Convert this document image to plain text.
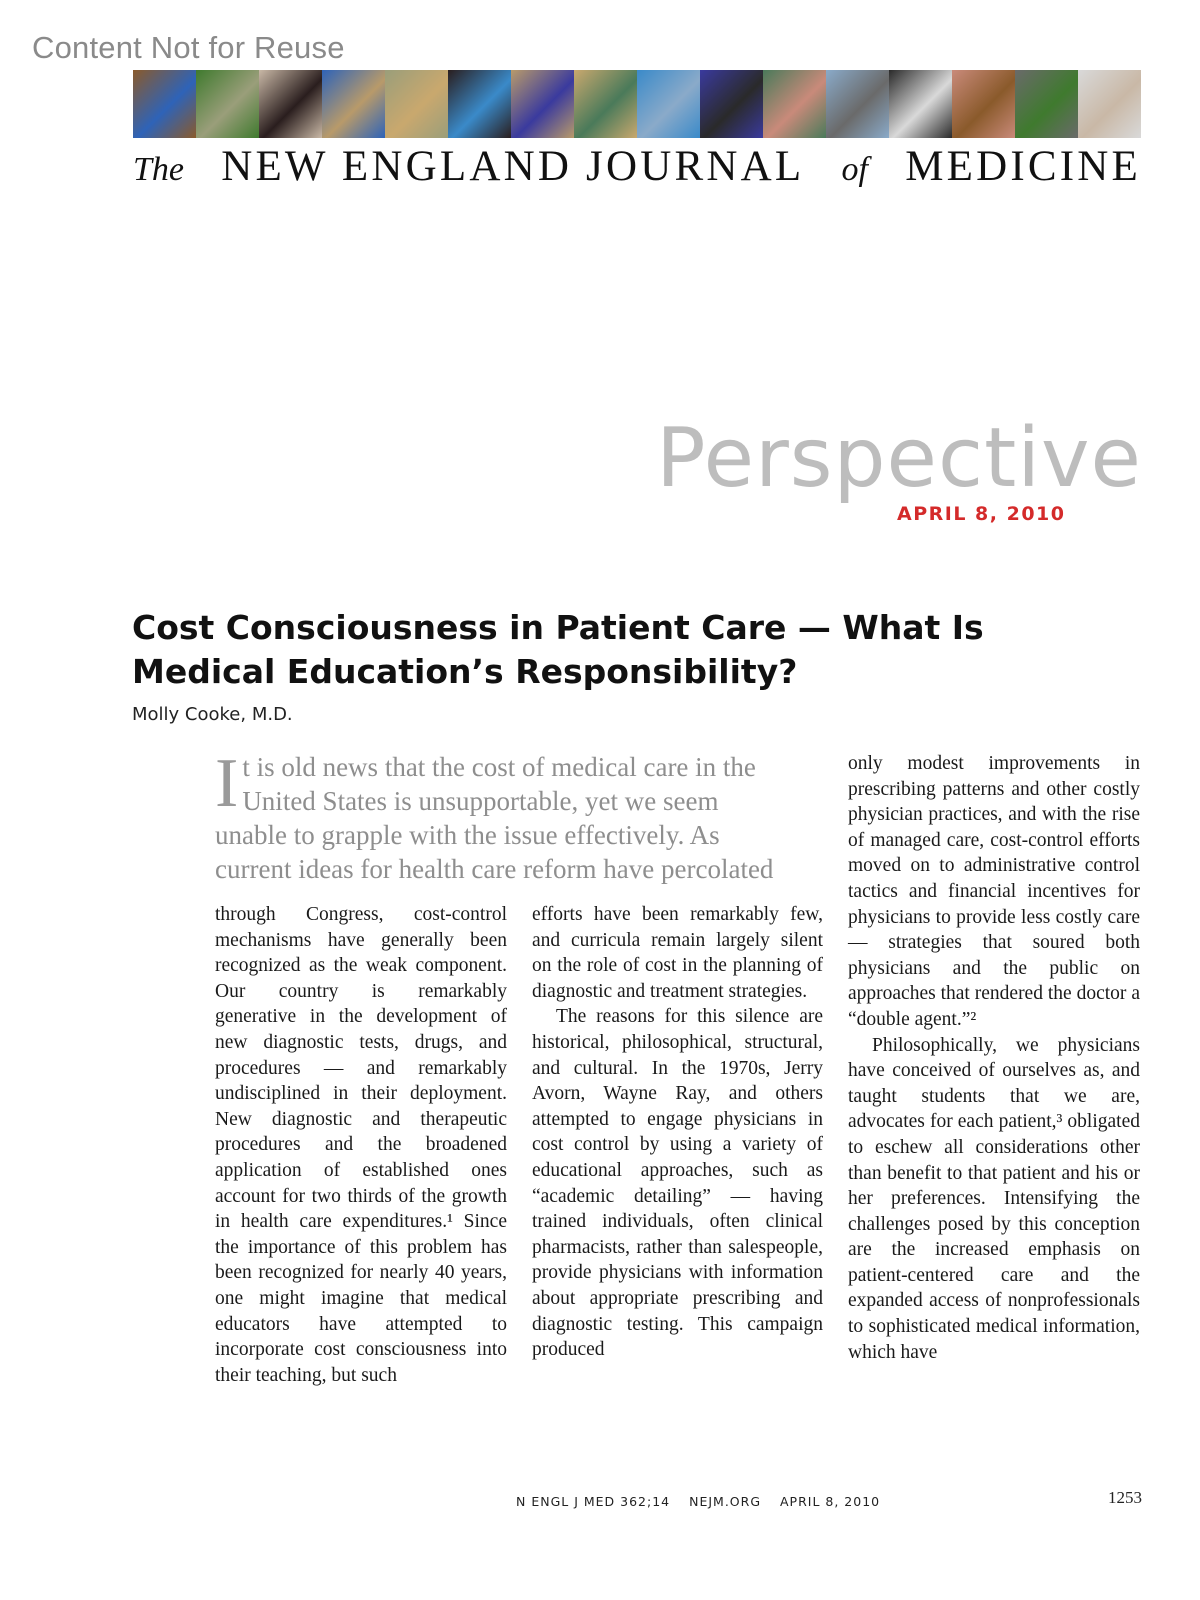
Content Not for Reuse
The NEW ENGLAND JOURNAL of MEDICINE
Perspective
APRIL 8, 2010
Cost Consciousness in Patient Care — What Is Medical Education’s Responsibility?
Molly Cooke, M.D.

It is old news that the cost of medical care in the United States is unsupportable, yet we seem unable to grapple with the issue effectively. As current ideas for health care reform have percolated

through Congress, cost-control mechanisms have generally been recognized as the weak component. Our country is remarkably generative in the development of new diagnostic tests, drugs, and procedures — and remarkably undisciplined in their deployment. New diagnostic and therapeutic procedures and the broadened application of established ones account for two thirds of the growth in health care expenditures.¹ Since the importance of this problem has been recognized for nearly 40 years, one might imagine that medical educators have attempted to incorporate cost consciousness into their teaching, but such

efforts have been remarkably few, and curricula remain largely silent on the role of cost in the planning of diagnostic and treatment strategies.

The reasons for this silence are historical, philosophical, structural, and cultural. In the 1970s, Jerry Avorn, Wayne Ray, and others attempted to engage physicians in cost control by using a variety of educational approaches, such as “academic detailing” — having trained individuals, often clinical pharmacists, rather than salespeople, provide physicians with information about appropriate prescribing and diagnostic testing. This campaign produced

only modest improvements in prescribing patterns and other costly physician practices, and with the rise of managed care, cost-control efforts moved on to administrative control tactics and financial incentives for physicians to provide less costly care — strategies that soured both physicians and the public on approaches that rendered the doctor a “double agent.”²

Philosophically, we physicians have conceived of ourselves as, and taught students that we are, advocates for each patient,³ obligated to eschew all considerations other than benefit to that patient and his or her preferences. Intensifying the challenges posed by this conception are the increased emphasis on patient-centered care and the expanded access of nonprofessionals to sophisticated medical information, which have

N ENGL J MED 362;14 NEJM.ORG APRIL 8, 2010	1253
